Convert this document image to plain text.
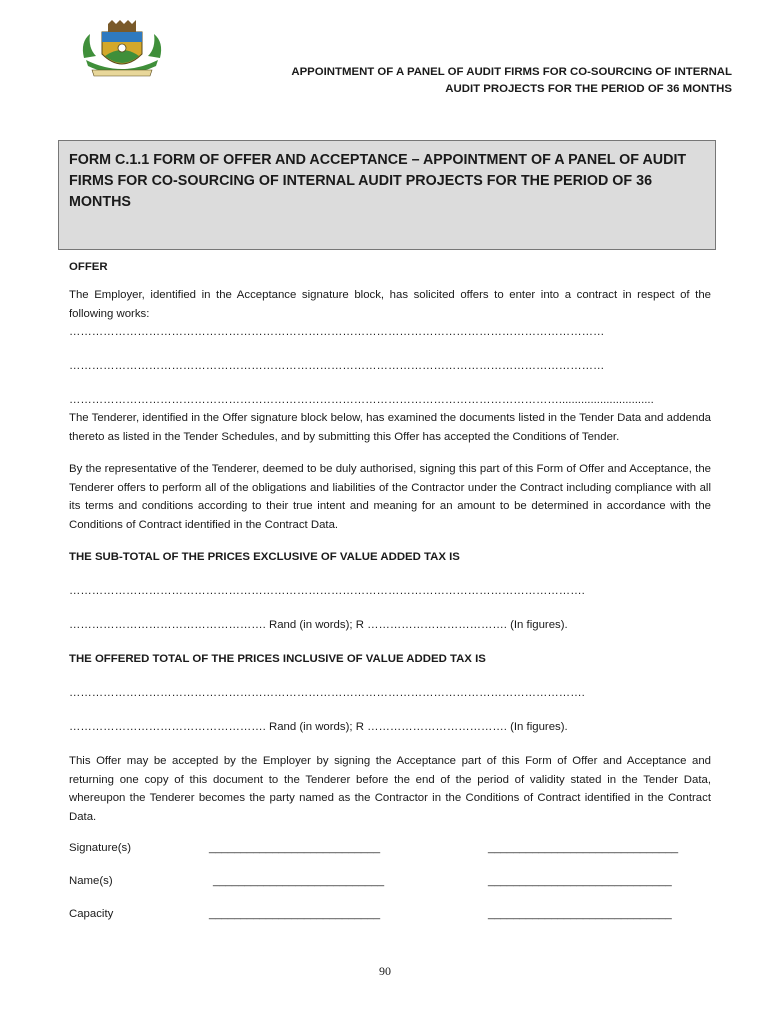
APPOINTMENT OF A PANEL OF AUDIT FIRMS FOR CO-SOURCING OF INTERNAL
AUDIT PROJECTS FOR THE PERIOD OF 36 MONTHS

FORM C.1.1 FORM OF OFFER AND ACCEPTANCE – APPOINTMENT OF A PANEL OF AUDIT FIRMS FOR CO-SOURCING OF INTERNAL AUDIT PROJECTS FOR THE PERIOD OF 36 MONTHS

OFFER

The Employer, identified in the Acceptance signature block, has solicited offers to enter into a contract in respect of the following works:

……………………………………………………………………………………………………………………………

……………………………………………………………………………………………………………………………

…………………………………………………………………………………………………………………..............................

The Tenderer, identified in the Offer signature block below, has examined the documents listed in the Tender Data and addenda thereto as listed in the Tender Schedules, and by submitting this Offer has accepted the Conditions of Tender.

By the representative of the Tenderer, deemed to be duly authorised, signing this part of this Form of Offer and Acceptance, the Tenderer offers to perform all of the obligations and liabilities of the Contractor under the Contract including compliance with all its terms and conditions according to their true intent and meaning for an amount to be determined in accordance with the Conditions of Contract identified in the Contract Data.

THE SUB-TOTAL OF THE PRICES EXCLUSIVE OF VALUE ADDED TAX IS

……………………………………………………………………………………………………………………….

……………………………………………. Rand (in words); R ………………………………. (In figures).

THE OFFERED TOTAL OF THE PRICES INCLUSIVE OF VALUE ADDED TAX IS

……………………………………………………………………………………………………………………….

……………………………………………. Rand (in words); R ………………………………. (In figures).

This Offer may be accepted by the Employer by signing the Acceptance part of this Form of Offer and Acceptance and returning one copy of this document to the Tenderer before the end of the period of validity stated in the Tender Data, whereupon the Tenderer becomes the party named as the Contractor in the Conditions of Contract identified in the Contract Data.

Signature(s)	___________________________	______________________________
Name(s)	___________________________	_____________________________
Capacity	___________________________	_____________________________
90
